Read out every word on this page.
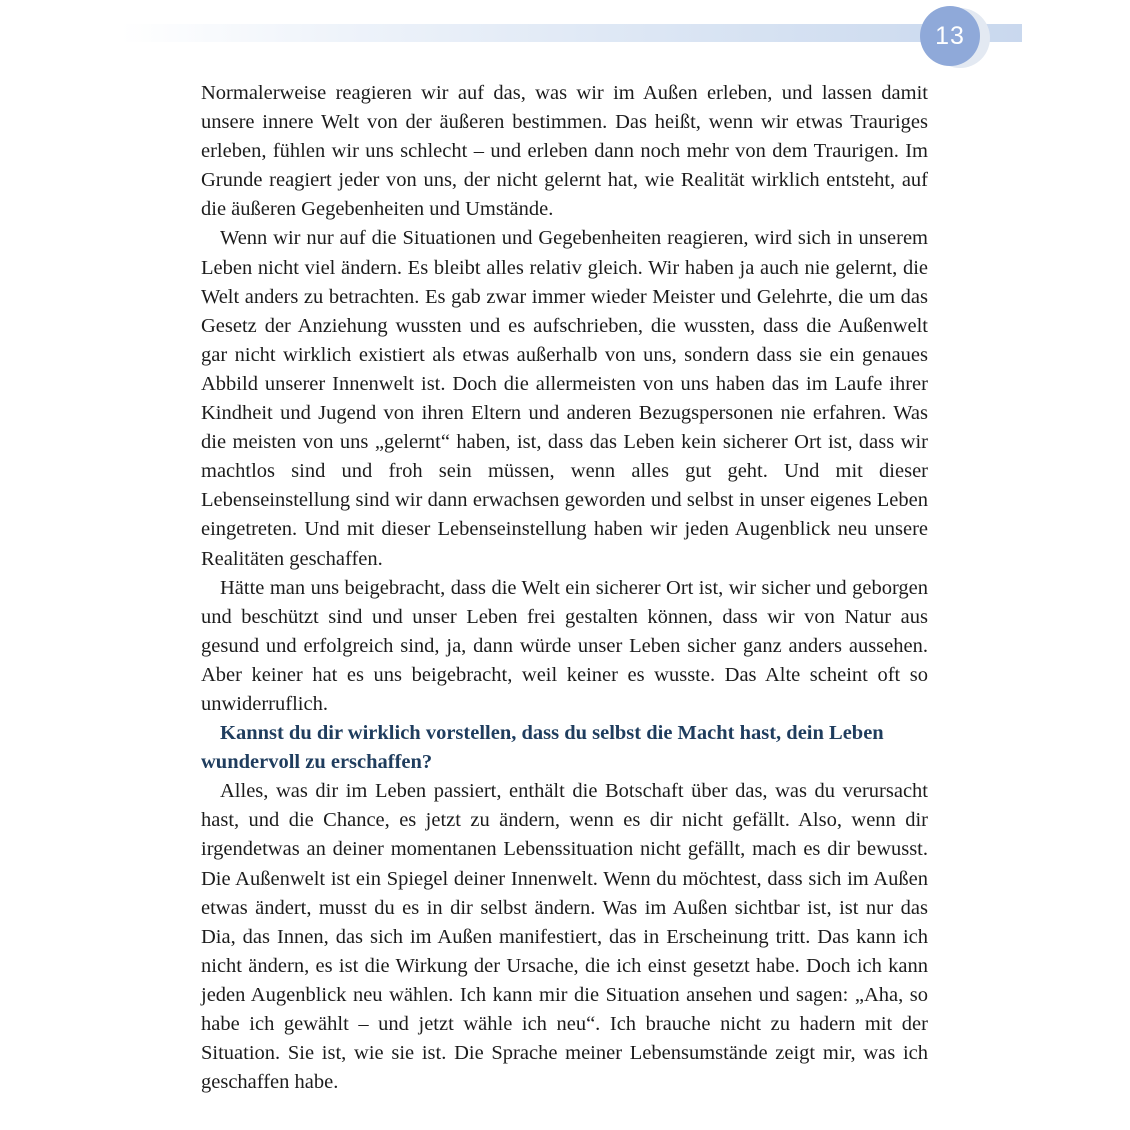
13

Normalerweise reagieren wir auf das, was wir im Außen erleben, und lassen damit unsere innere Welt von der äußeren bestimmen. Das heißt, wenn wir etwas Trauriges erleben, fühlen wir uns schlecht – und erleben dann noch mehr von dem Traurigen. Im Grunde reagiert jeder von uns, der nicht gelernt hat, wie Realität wirklich entsteht, auf die äußeren Gegebenheiten und Umstände.

Wenn wir nur auf die Situationen und Gegebenheiten reagieren, wird sich in unserem Leben nicht viel ändern. Es bleibt alles relativ gleich. Wir haben ja auch nie gelernt, die Welt anders zu betrachten. Es gab zwar immer wieder Meister und Gelehrte, die um das Gesetz der Anziehung wussten und es aufschrieben, die wussten, dass die Außenwelt gar nicht wirklich existiert als etwas außerhalb von uns, sondern dass sie ein genaues Abbild unserer Innenwelt ist. Doch die allermeisten von uns haben das im Laufe ihrer Kindheit und Jugend von ihren Eltern und anderen Bezugspersonen nie erfahren. Was die meisten von uns „gelernt“ haben, ist, dass das Leben kein sicherer Ort ist, dass wir machtlos sind und froh sein müssen, wenn alles gut geht. Und mit dieser Lebenseinstellung sind wir dann erwachsen geworden und selbst in unser eigenes Leben eingetreten. Und mit dieser Lebenseinstellung haben wir jeden Augenblick neu unsere Realitäten geschaffen.

Hätte man uns beigebracht, dass die Welt ein sicherer Ort ist, wir sicher und geborgen und beschützt sind und unser Leben frei gestalten können, dass wir von Natur aus gesund und erfolgreich sind, ja, dann würde unser Leben sicher ganz anders aussehen. Aber keiner hat es uns beigebracht, weil keiner es wusste. Das Alte scheint oft so unwiderruflich.

Kannst du dir wirklich vorstellen, dass du selbst die Macht hast, dein Leben wundervoll zu erschaffen?

Alles, was dir im Leben passiert, enthält die Botschaft über das, was du verursacht hast, und die Chance, es jetzt zu ändern, wenn es dir nicht gefällt. Also, wenn dir irgendetwas an deiner momentanen Lebenssituation nicht gefällt, mach es dir bewusst. Die Außenwelt ist ein Spiegel deiner Innenwelt. Wenn du möchtest, dass sich im Außen etwas ändert, musst du es in dir selbst ändern. Was im Außen sichtbar ist, ist nur das Dia, das Innen, das sich im Außen manifestiert, das in Erscheinung tritt. Das kann ich nicht ändern, es ist die Wirkung der Ursache, die ich einst gesetzt habe. Doch ich kann jeden Augenblick neu wählen. Ich kann mir die Situation ansehen und sagen: „Aha, so habe ich gewählt – und jetzt wähle ich neu“. Ich brauche nicht zu hadern mit der Situation. Sie ist, wie sie ist. Die Sprache meiner Lebensumstände zeigt mir, was ich geschaffen habe.
